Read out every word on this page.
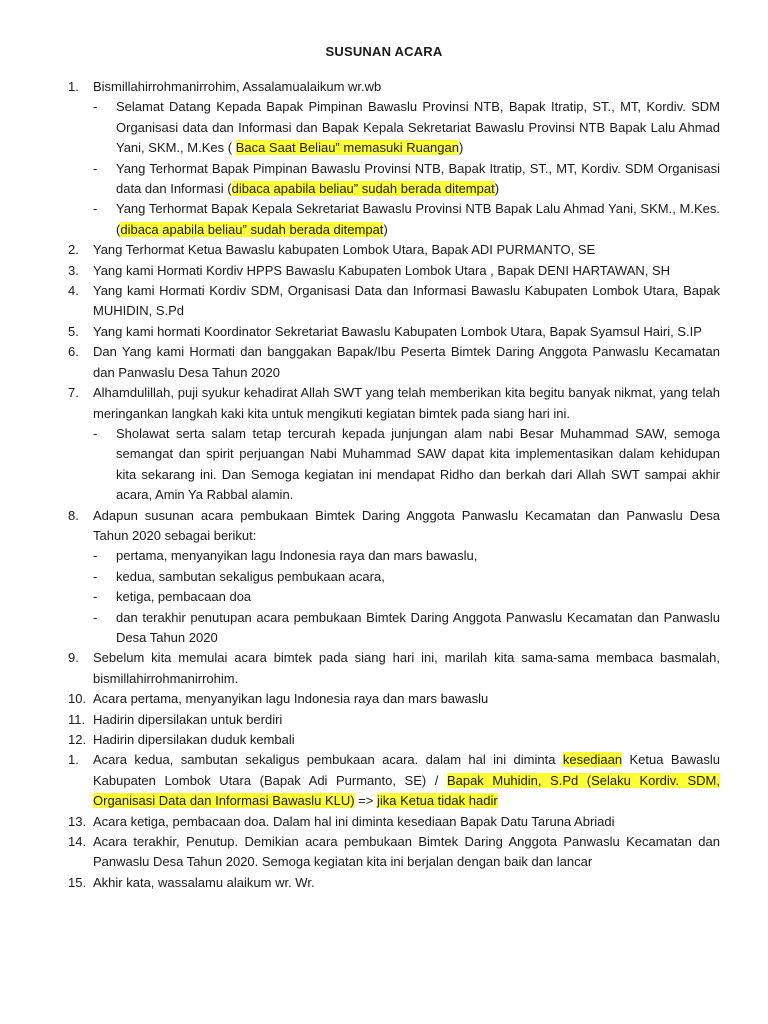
SUSUNAN ACARA
1.	Bismillahirrohmanirrohim, Assalamualaikum wr.wb
-	Selamat Datang Kepada Bapak Pimpinan Bawaslu Provinsi NTB, Bapak Itratip, ST., MT, Kordiv. SDM Organisasi data dan Informasi dan Bapak Kepala Sekretariat Bawaslu Provinsi NTB Bapak Lalu Ahmad Yani, SKM., M.Kes ( Baca Saat Beliau” memasuki Ruangan)
-	Yang Terhormat Bapak Pimpinan Bawaslu Provinsi NTB, Bapak Itratip, ST., MT, Kordiv. SDM Organisasi data dan Informasi (dibaca apabila beliau” sudah berada ditempat)
-	Yang Terhormat Bapak Kepala Sekretariat Bawaslu Provinsi NTB Bapak Lalu Ahmad Yani, SKM., M.Kes. (dibaca apabila beliau” sudah berada ditempat)
2.	Yang Terhormat Ketua Bawaslu kabupaten Lombok Utara, Bapak ADI PURMANTO, SE
3.	Yang kami Hormati Kordiv HPPS Bawaslu Kabupaten Lombok Utara , Bapak DENI HARTAWAN, SH
4.	Yang kami Hormati Kordiv SDM, Organisasi Data dan Informasi Bawaslu Kabupaten Lombok Utara, Bapak MUHIDIN, S.Pd
5.	Yang kami hormati Koordinator Sekretariat Bawaslu Kabupaten Lombok Utara, Bapak Syamsul Hairi, S.IP
6.	Dan Yang kami Hormati dan banggakan Bapak/Ibu Peserta Bimtek Daring Anggota Panwaslu Kecamatan dan Panwaslu Desa Tahun 2020
7.	Alhamdulillah, puji syukur kehadirat Allah SWT yang telah memberikan kita begitu banyak nikmat, yang telah meringankan langkah kaki kita untuk mengikuti kegiatan bimtek pada siang hari ini.
-	Sholawat serta salam tetap tercurah kepada junjungan alam nabi Besar Muhammad SAW, semoga semangat dan spirit perjuangan Nabi Muhammad SAW dapat kita implementasikan dalam kehidupan kita sekarang ini. Dan Semoga kegiatan ini mendapat Ridho dan berkah dari Allah SWT sampai akhir acara, Amin Ya Rabbal alamin.
8.	Adapun susunan acara pembukaan Bimtek Daring Anggota Panwaslu Kecamatan dan Panwaslu Desa Tahun 2020 sebagai berikut:
-	pertama, menyanyikan lagu Indonesia raya dan mars bawaslu,
-	kedua, sambutan sekaligus pembukaan acara,
-	ketiga, pembacaan doa
-	dan terakhir penutupan acara pembukaan Bimtek Daring Anggota Panwaslu Kecamatan dan Panwaslu Desa Tahun 2020
9.	Sebelum kita memulai acara bimtek pada siang hari ini, marilah kita sama-sama membaca basmalah, bismillahirrohmanirrohim.
10. Acara pertama, menyanyikan lagu Indonesia raya dan mars bawaslu
11. Hadirin dipersilakan untuk berdiri
12. Hadirin dipersilakan duduk kembali
1.	Acara kedua, sambutan sekaligus pembukaan acara. dalam hal ini diminta kesediaan Ketua Bawaslu Kabupaten Lombok Utara (Bapak Adi Purmanto, SE) / Bapak Muhidin, S.Pd (Selaku Kordiv. SDM, Organisasi Data dan Informasi Bawaslu KLU) => jika Ketua tidak hadir
13. Acara ketiga, pembacaan doa. Dalam hal ini diminta kesediaan Bapak Datu Taruna Abriadi
14. Acara terakhir, Penutup. Demikian acara pembukaan Bimtek Daring Anggota Panwaslu Kecamatan dan Panwaslu Desa Tahun 2020. Semoga kegiatan kita ini berjalan dengan baik dan lancar
15. Akhir kata, wassalamu alaikum wr. Wr.
